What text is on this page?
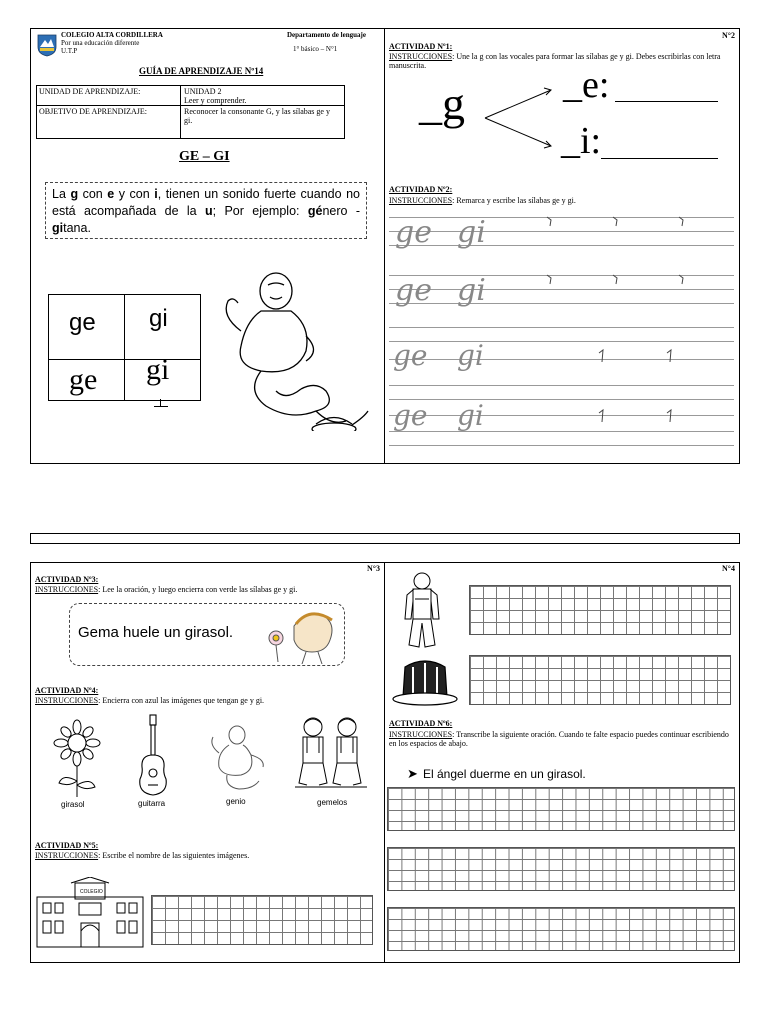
COLEGIO ALTA CORDILLERA
Por una educación diferente
U.T.P
Departamento de lenguaje
1° básico – N°1
GUÍA DE APRENDIZAJE Nº14
UNIDAD DE APRENDIZAJE:	UNIDAD 2
Leer y comprender.
OBJETIVO DE APRENDIZAJE:	Reconocer la consonante G, y las sílabas ge y gi.
GE – GI
La g con e y con i, tienen un sonido fuerte cuando no está acompañada de la u; Por ejemplo: género - gitana.
ge gi
ge gi
N°2
ACTIVIDAD Nº1:
INSTRUCCIONES: Une la g con las vocales para formar las sílabas ge y gi. Debes escribirlas con letra manuscrita.
_g	_e:
_i:
ACTIVIDAD Nº2:
INSTRUCCIONES: Remarca y escribe las sílabas ge y gi.
ge gi
ge gi
ge gi
ge gi
N°3
ACTIVIDAD Nº3:
INSTRUCCIONES: Lee la oración, y luego encierra con verde las sílabas ge y gi.
Gema huele un girasol.
ACTIVIDAD Nº4:
INSTRUCCIONES: Encierra con azul las imágenes que tengan ge y gi.
girasol	guitarra	genio	gemelos
ACTIVIDAD Nº5:
INSTRUCCIONES: Escribe el nombre de las siguientes imágenes.
COLEGIO
N°4
ACTIVIDAD Nº6:
INSTRUCCIONES: Transcribe la siguiente oración. Cuando te falte espacio puedes continuar escribiendo en los espacios de abajo.
➤ El ángel duerme en un girasol.
